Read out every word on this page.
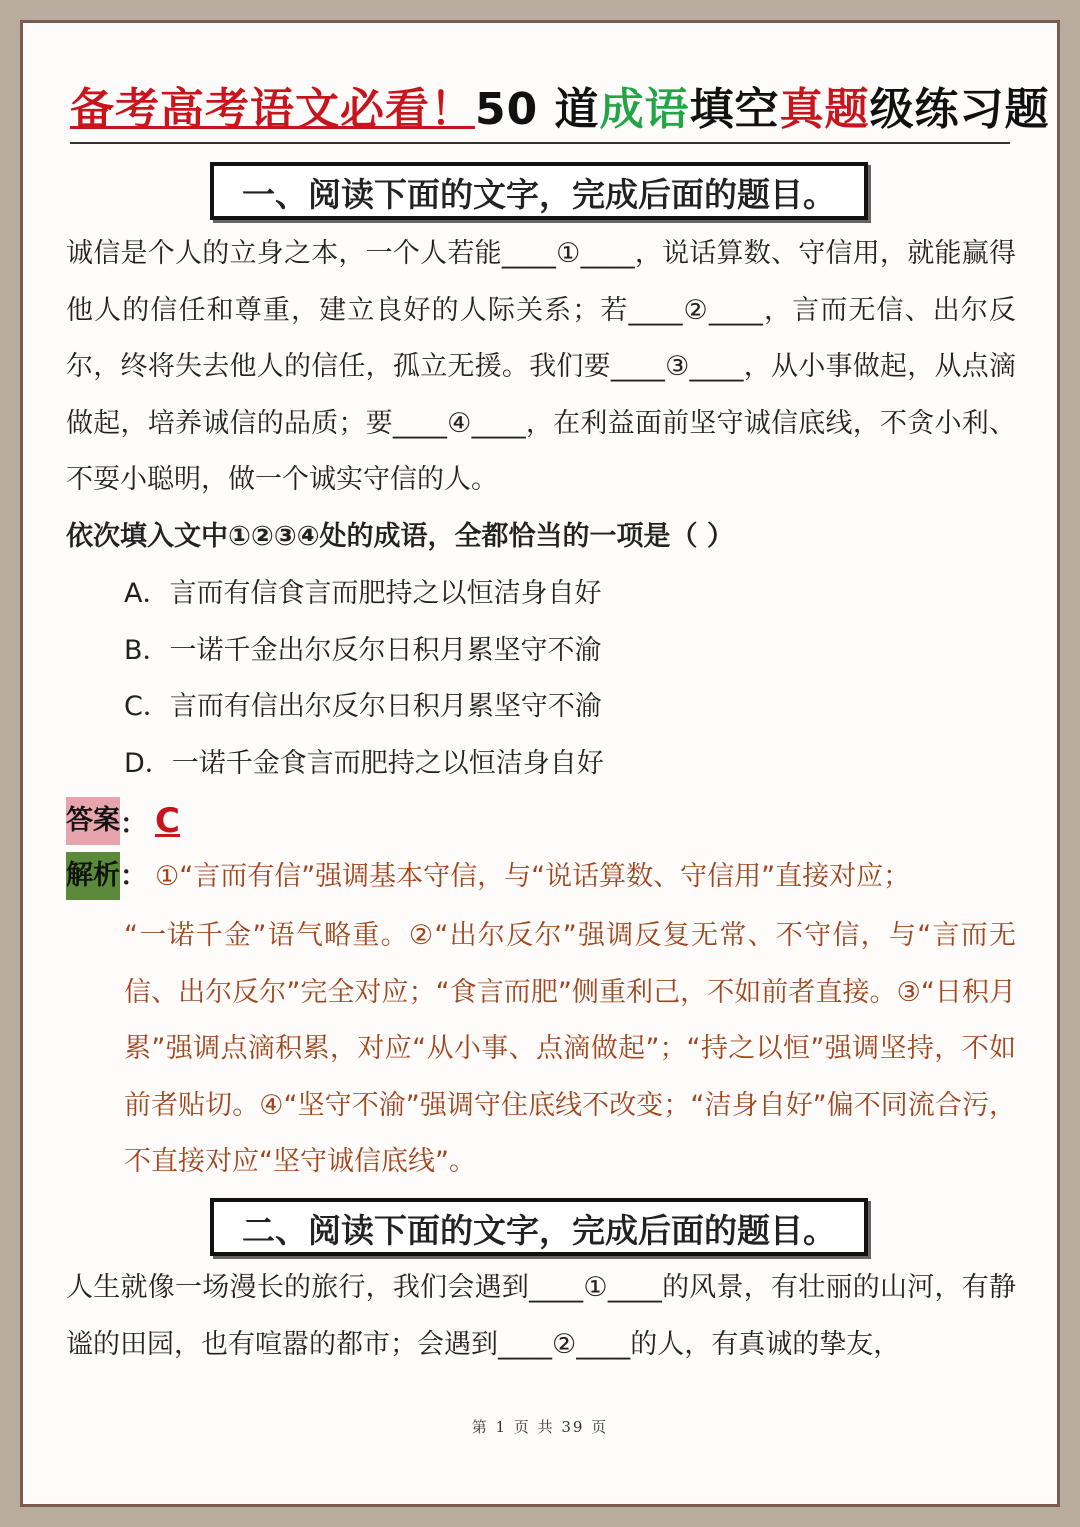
备考高考语文必看！50 道成语填空真题级练习题
一、阅读下面的文字，完成后面的题目。
诚信是个人的立身之本，一个人若能____①____，说话算数、守信用，就能赢得他人的信任和尊重，建立良好的人际关系；若____②____，言而无信、出尔反尔，终将失去他人的信任，孤立无援。我们要____③____，从小事做起，从点滴做起，培养诚信的品质；要____④____，在利益面前坚守诚信底线，不贪小利、不耍小聪明，做一个诚实守信的人。
依次填入文中①②③④处的成语，全都恰当的一项是（ ）
A．言而有信食言而肥持之以恒洁身自好
B．一诺千金出尔反尔日积月累坚守不渝
C．言而有信出尔反尔日积月累坚守不渝
D．一诺千金食言而肥持之以恒洁身自好
答案 ： C
解析 ： ①“言而有信”强调基本守信，与“说话算数、守信用”直接对应；
“一诺千金”语气略重。②“出尔反尔”强调反复无常、不守信，与“言而无信、出尔反尔”完全对应；“食言而肥”侧重利己，不如前者直接。③“日积月累”强调点滴积累，对应“从小事、点滴做起”；“持之以恒”强调坚持，不如前者贴切。④“坚守不渝”强调守住底线不改变；“洁身自好”偏不同流合污，不直接对应“坚守诚信底线”。
二、阅读下面的文字，完成后面的题目。
人生就像一场漫长的旅行，我们会遇到____①____的风景，有壮丽的山河，有静谧的田园，也有喧嚣的都市；会遇到____②____的人，有真诚的挚友，
第 1 页 共 39 页
